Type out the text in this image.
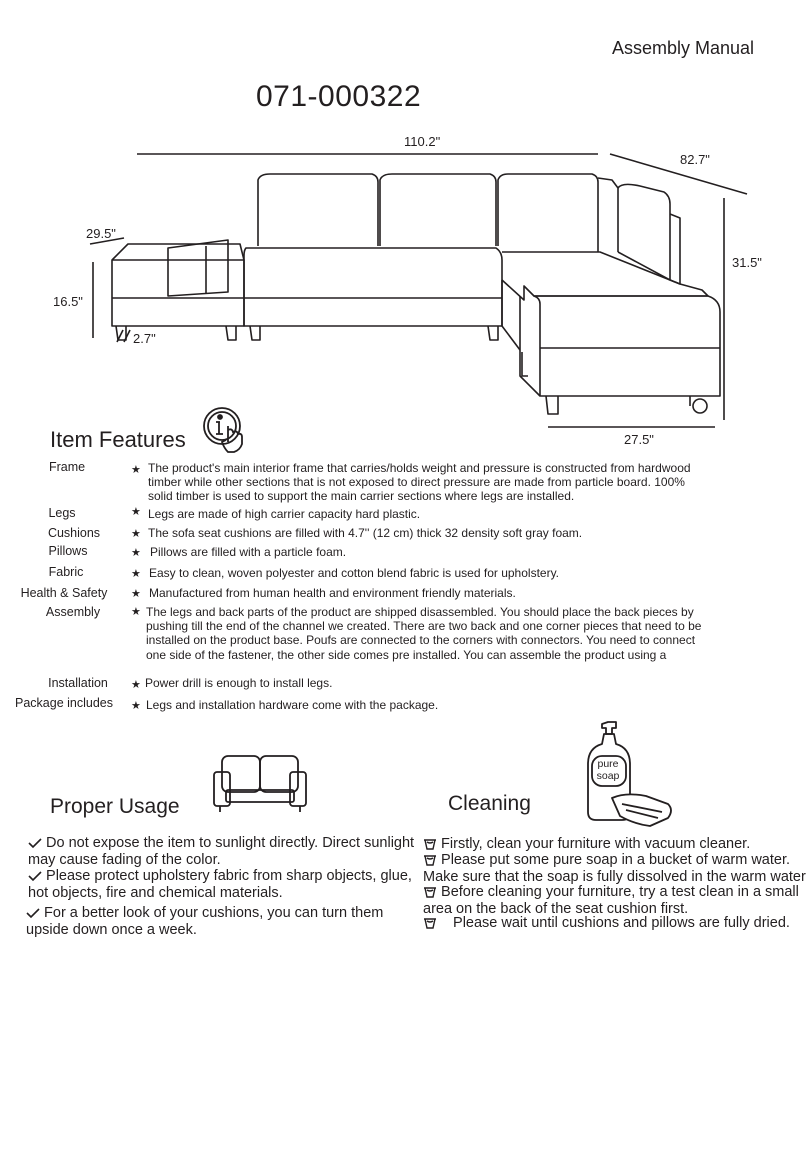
Assembly Manual
071-000322
110.2"
82.7"
29.5"
16.5"
2.7"
31.5"
27.5"
Item Features
Frame	★ The product's main interior frame that carries/holds weight and pressure is constructed from hardwood
timber while other sections that is not exposed to direct pressure are made from particle board. 100%
solid timber is used to support the main carrier sections where legs are installed.
Legs	★ Legs are made of high carrier capacity hard plastic.
Cushions	★ The sofa seat cushions are filled with 4.7'' (12 cm) thick 32 density soft gray foam.
Pillows	★ Pillows are filled with a particle foam.
Fabric	★ Easy to clean, woven polyester and cotton blend fabric is used for upholstery.
Health & Safety	★ Manufactured from human health and environment friendly materials.
Assembly	★ The legs and back parts of the product are shipped disassembled. You should place the back pieces by
pushing till the end of the channel we created. There are two back and one corner pieces that need to be
installed on the product base. Poufs are connected to the corners with connectors. You need to connect
one side of the fastener, the other side comes pre installed. You can assemble the product using a
Installation	★ Power drill is enough to install legs.
Package includes	★ Legs and installation hardware come with the package.
Proper Usage
Do not expose the item to sunlight directly. Direct sunlight
may cause fading of the color.
Please protect upholstery fabric from sharp objects, glue,
hot objects, fire and chemical materials.
For a better look of your cushions, you can turn them
upside down once a week.
Cleaning
pure
soap
Firstly, clean your furniture with vacuum cleaner.
Please put some pure soap in a bucket of warm water.
Make sure that the soap is fully dissolved in the warm water
Before cleaning your furniture, try a test clean in a small
area on the back of the seat cushion first.
Please wait until cushions and pillows are fully dried.
